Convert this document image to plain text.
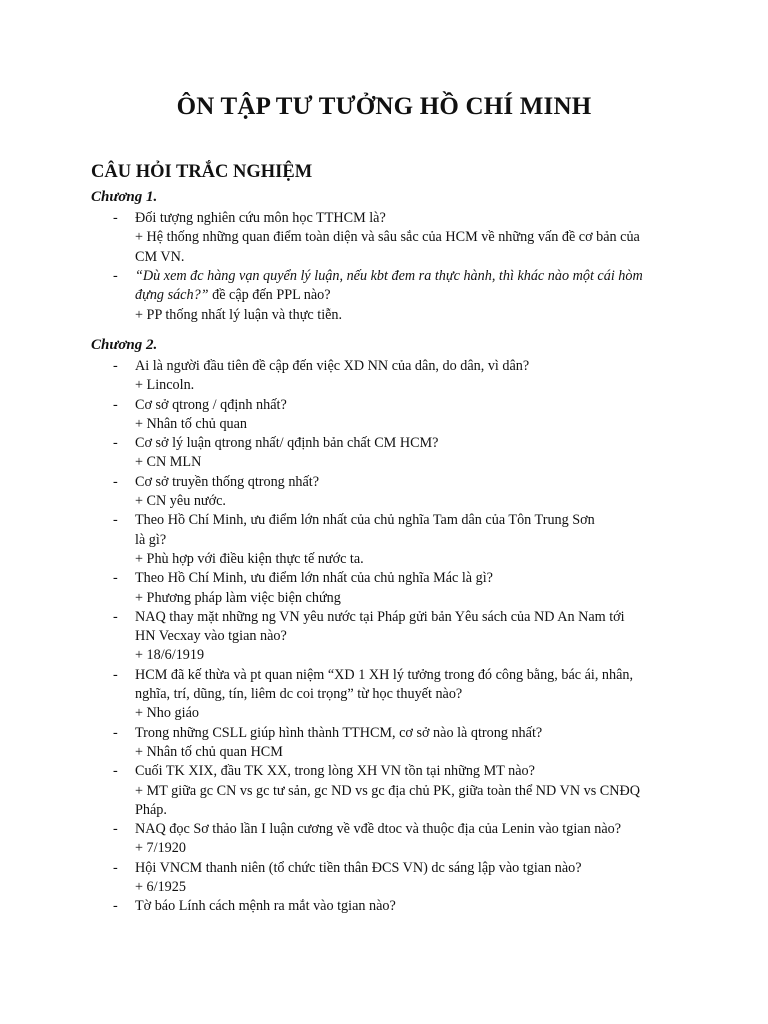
ÔN TẬP TƯ TƯỞNG HỒ CHÍ MINH
CÂU HỎI TRẮC NGHIỆM
Chương 1.
- Đối tượng nghiên cứu môn học TTHCM là?
+ Hệ thống những quan điểm toàn diện và sâu sắc của HCM về những vấn đề cơ bản của
CM VN.
- “Dù xem đc hàng vạn quyển lý luận, nếu kbt đem ra thực hành, thì khác nào một cái hòm
đựng sách?” đề cập đến PPL nào?
+ PP thống nhất lý luận và thực tiễn.
Chương 2.
- Ai là người đầu tiên đề cập đến việc XD NN của dân, do dân, vì dân?
+ Lincoln.
- Cơ sở qtrong / qđịnh nhất?
+ Nhân tố chủ quan
- Cơ sở lý luận qtrong nhất/ qđịnh bản chất CM HCM?
+ CN MLN
- Cơ sở truyền thống qtrong nhất?
+ CN yêu nước.
- Theo Hồ Chí Minh, ưu điểm lớn nhất của chủ nghĩa Tam dân của Tôn Trung Sơn
là gì?
+ Phù hợp với điều kiện thực tế nước ta.
- Theo Hồ Chí Minh, ưu điểm lớn nhất của chủ nghĩa Mác là gì?
+ Phương pháp làm việc biện chứng
- NAQ thay mặt những ng VN yêu nước tại Pháp gửi bản Yêu sách của ND An Nam tới
HN Vecxay vào tgian nào?
+ 18/6/1919
- HCM đã kế thừa và pt quan niệm “XD 1 XH lý tưởng trong đó công bằng, bác ái, nhân,
nghĩa, trí, dũng, tín, liêm dc coi trọng” từ học thuyết nào?
+ Nho giáo
- Trong những CSLL giúp hình thành TTHCM, cơ sở nào là qtrong nhất?
+ Nhân tố chủ quan HCM
- Cuối TK XIX, đầu TK XX, trong lòng XH VN tồn tại những MT nào?
+ MT giữa gc CN vs gc tư sản, gc ND vs gc địa chủ PK, giữa toàn thể ND VN vs CNĐQ
Pháp.
- NAQ đọc Sơ thảo lần I luận cương về vđề dtoc và thuộc địa của Lenin vào tgian nào?
+ 7/1920
- Hội VNCM thanh niên (tổ chức tiền thân ĐCS VN) dc sáng lập vào tgian nào?
+ 6/1925
- Tờ báo Lính cách mệnh ra mắt vào tgian nào?
